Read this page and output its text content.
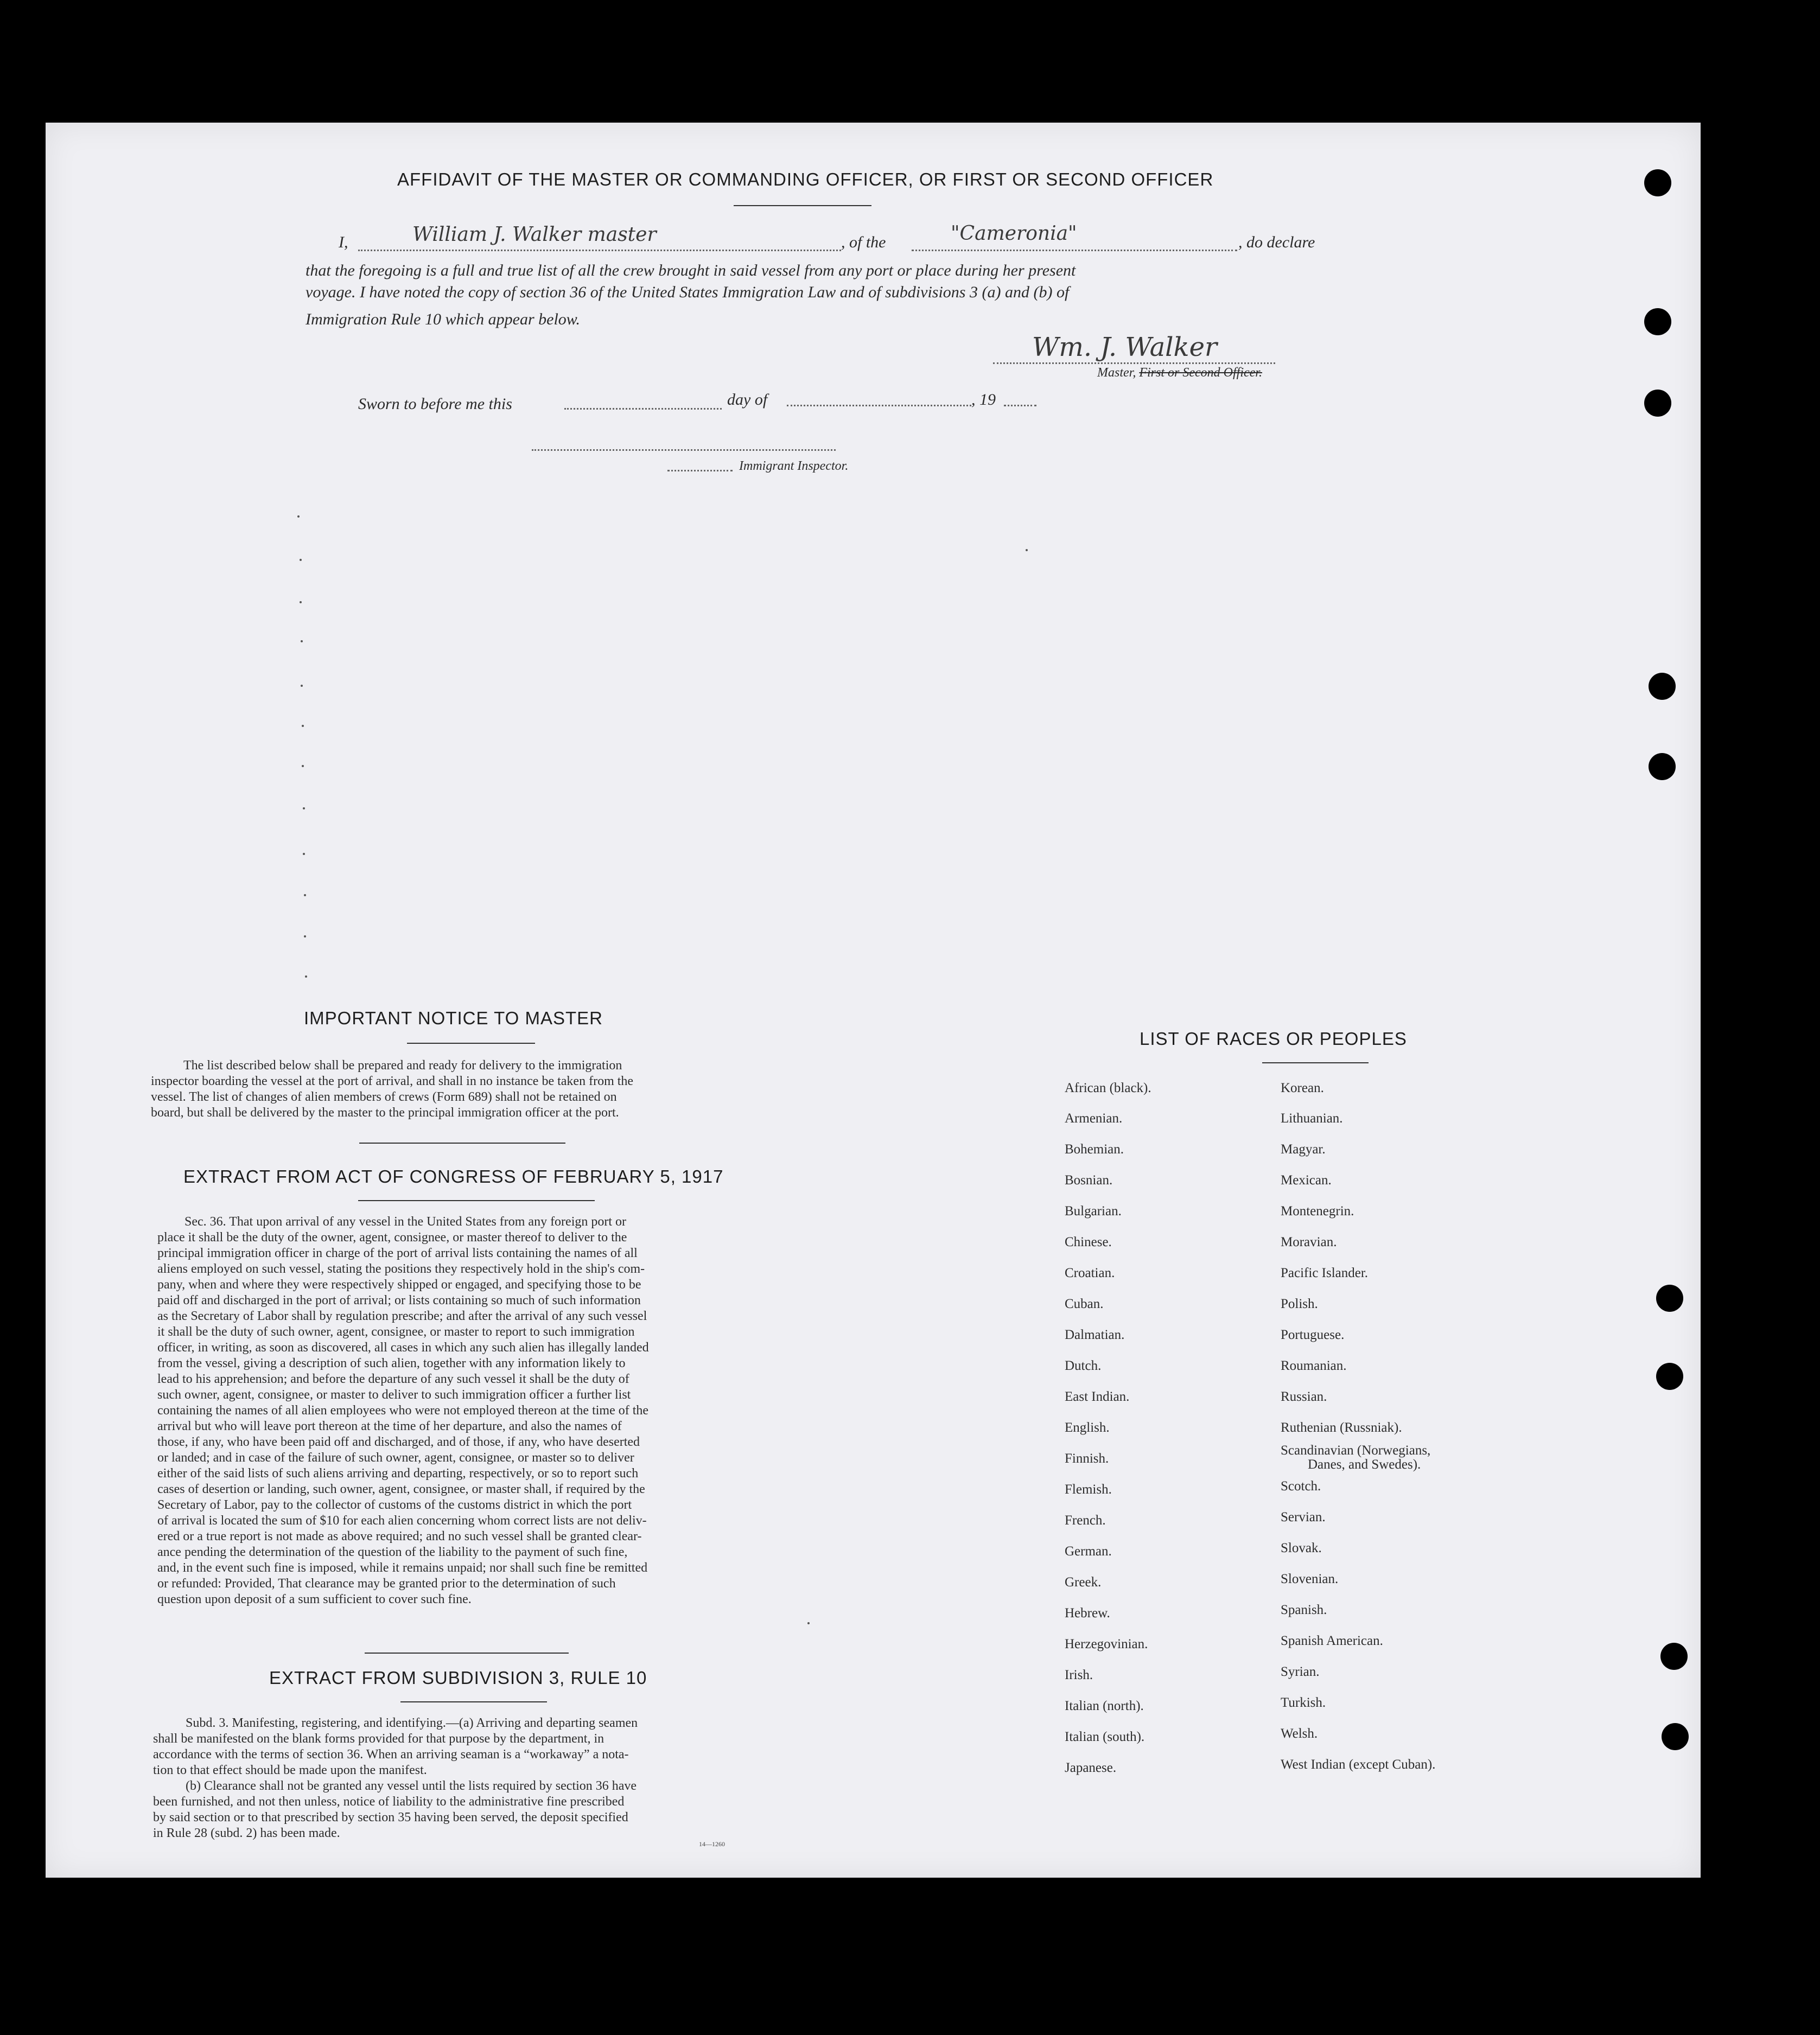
AFFIDAVIT OF THE MASTER OR COMMANDING OFFICER, OR FIRST OR SECOND OFFICER
I,	William J. Walker master	, of the	"Cameronia"	, do declare
that the foregoing is a full and true list of all the crew brought in said vessel from any port or place during her present
voyage. I have noted the copy of section 36 of the United States Immigration Law and of subdivisions 3 (a) and (b) of
Immigration Rule 10 which appear below.
Wm. J. Walker
Master, First or Second Officer.
Sworn to before me this	day of	, 19
Immigrant Inspector.
IMPORTANT NOTICE TO MASTER
The list described below shall be prepared and ready for delivery to the immigration
inspector boarding the vessel at the port of arrival, and shall in no instance be taken from the
vessel. The list of changes of alien members of crews (Form 689) shall not be retained on
board, but shall be delivered by the master to the principal immigration officer at the port.
EXTRACT FROM ACT OF CONGRESS OF FEBRUARY 5, 1917
Sec. 36. That upon arrival of any vessel in the United States from any foreign port or
place it shall be the duty of the owner, agent, consignee, or master thereof to deliver to the
principal immigration officer in charge of the port of arrival lists containing the names of all
aliens employed on such vessel, stating the positions they respectively hold in the ship's com-
pany, when and where they were respectively shipped or engaged, and specifying those to be
paid off and discharged in the port of arrival; or lists containing so much of such information
as the Secretary of Labor shall by regulation prescribe; and after the arrival of any such vessel
it shall be the duty of such owner, agent, consignee, or master to report to such immigration
officer, in writing, as soon as discovered, all cases in which any such alien has illegally landed
from the vessel, giving a description of such alien, together with any information likely to
lead to his apprehension; and before the departure of any such vessel it shall be the duty of
such owner, agent, consignee, or master to deliver to such immigration officer a further list
containing the names of all alien employees who were not employed thereon at the time of the
arrival but who will leave port thereon at the time of her departure, and also the names of
those, if any, who have been paid off and discharged, and of those, if any, who have deserted
or landed; and in case of the failure of such owner, agent, consignee, or master so to deliver
either of the said lists of such aliens arriving and departing, respectively, or so to report such
cases of desertion or landing, such owner, agent, consignee, or master shall, if required by the
Secretary of Labor, pay to the collector of customs of the customs district in which the port
of arrival is located the sum of $10 for each alien concerning whom correct lists are not deliv-
ered or a true report is not made as above required; and no such vessel shall be granted clear-
ance pending the determination of the question of the liability to the payment of such fine,
and, in the event such fine is imposed, while it remains unpaid; nor shall such fine be remitted
or refunded: Provided, That clearance may be granted prior to the determination of such
question upon deposit of a sum sufficient to cover such fine.
EXTRACT FROM SUBDIVISION 3, RULE 10
Subd. 3. Manifesting, registering, and identifying.—(a) Arriving and departing seamen
shall be manifested on the blank forms provided for that purpose by the department, in
accordance with the terms of section 36. When an arriving seaman is a “workaway” a nota-
tion to that effect should be made upon the manifest.
(b) Clearance shall not be granted any vessel until the lists required by section 36 have
been furnished, and not then unless, notice of liability to the administrative fine prescribed
by said section or to that prescribed by section 35 having been served, the deposit specified
in Rule 28 (subd. 2) has been made.
14—1260
LIST OF RACES OR PEOPLES
African (black).
Armenian.
Bohemian.
Bosnian.
Bulgarian.
Chinese.
Croatian.
Cuban.
Dalmatian.
Dutch.
East Indian.
English.
Finnish.
Flemish.
French.
German.
Greek.
Hebrew.
Herzegovinian.
Irish.
Italian (north).
Italian (south).
Japanese.
Korean.
Lithuanian.
Magyar.
Mexican.
Montenegrin.
Moravian.
Pacific Islander.
Polish.
Portuguese.
Roumanian.
Russian.
Ruthenian (Russniak).
Scandinavian (Norwegians,
Danes, and Swedes).
Scotch.
Servian.
Slovak.
Slovenian.
Spanish.
Spanish American.
Syrian.
Turkish.
Welsh.
West Indian (except Cuban).
